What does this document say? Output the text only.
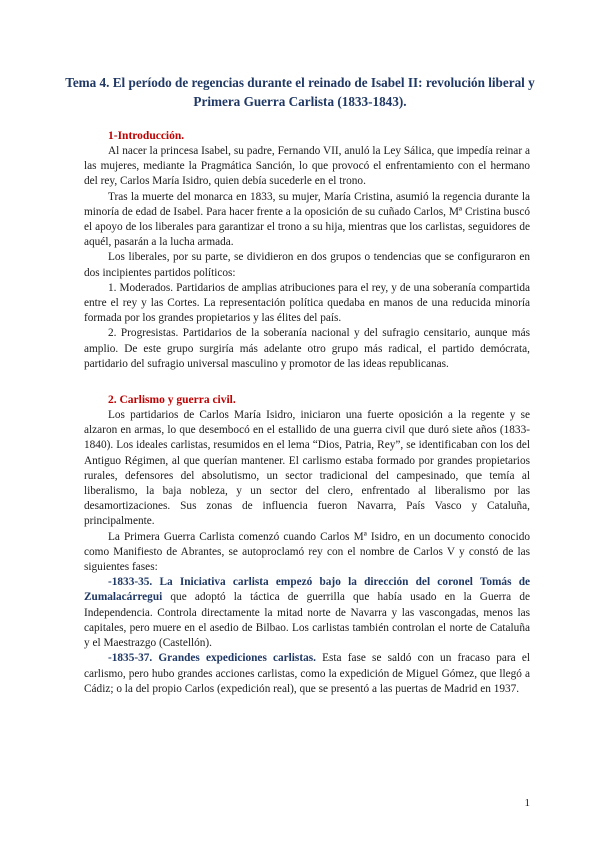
Tema 4. El período de regencias durante el reinado de Isabel II: revolución liberal y Primera Guerra Carlista (1833-1843).
1-Introducción.

Al nacer la princesa Isabel, su padre, Fernando VII, anuló la Ley Sálica, que impedía reinar a las mujeres, mediante la Pragmática Sanción, lo que provocó el enfrentamiento con el hermano del rey, Carlos María Isidro, quien debía sucederle en el trono.

Tras la muerte del monarca en 1833, su mujer, María Cristina, asumió la regencia durante la minoría de edad de Isabel. Para hacer frente a la oposición de su cuñado Carlos, Mª Cristina buscó el apoyo de los liberales para garantizar el trono a su hija, mientras que los carlistas, seguidores de aquél, pasarán a la lucha armada.

Los liberales, por su parte, se dividieron en dos grupos o tendencias que se configuraron en dos incipientes partidos políticos:

1. Moderados. Partidarios de amplias atribuciones para el rey, y de una soberanía compartida entre el rey y las Cortes. La representación política quedaba en manos de una reducida minoría formada por los grandes propietarios y las élites del país.

2. Progresistas. Partidarios de la soberanía nacional y del sufragio censitario, aunque más amplio. De este grupo surgiría más adelante otro grupo más radical, el partido demócrata, partidario del sufragio universal masculino y promotor de las ideas republicanas.

2. Carlismo y guerra civil.

Los partidarios de Carlos María Isidro, iniciaron una fuerte oposición a la regente y se alzaron en armas, lo que desembocó en el estallido de una guerra civil que duró siete años (1833-1840). Los ideales carlistas, resumidos en el lema “Dios, Patria, Rey”, se identificaban con los del Antiguo Régimen, al que querían mantener. El carlismo estaba formado por grandes propietarios rurales, defensores del absolutismo, un sector tradicional del campesinado, que temía al liberalismo, la baja nobleza, y un sector del clero, enfrentado al liberalismo por las desamortizaciones. Sus zonas de influencia fueron Navarra, País Vasco y Cataluña, principalmente.

La Primera Guerra Carlista comenzó cuando Carlos Mª Isidro, en un documento conocido como Manifiesto de Abrantes, se autoproclamó rey con el nombre de Carlos V y constó de las siguientes fases:

-1833-35. La Iniciativa carlista empezó bajo la dirección del coronel Tomás de Zumalacárregui que adoptó la táctica de guerrilla que había usado en la Guerra de Independencia. Controla directamente la mitad norte de Navarra y las vascongadas, menos las capitales, pero muere en el asedio de Bilbao. Los carlistas también controlan el norte de Cataluña y el Maestrazgo (Castellón).

-1835-37. Grandes expediciones carlistas. Esta fase se saldó con un fracaso para el carlismo, pero hubo grandes acciones carlistas, como la expedición de Miguel Gómez, que llegó a Cádiz; o la del propio Carlos (expedición real), que se presentó a las puertas de Madrid en 1937.

1
